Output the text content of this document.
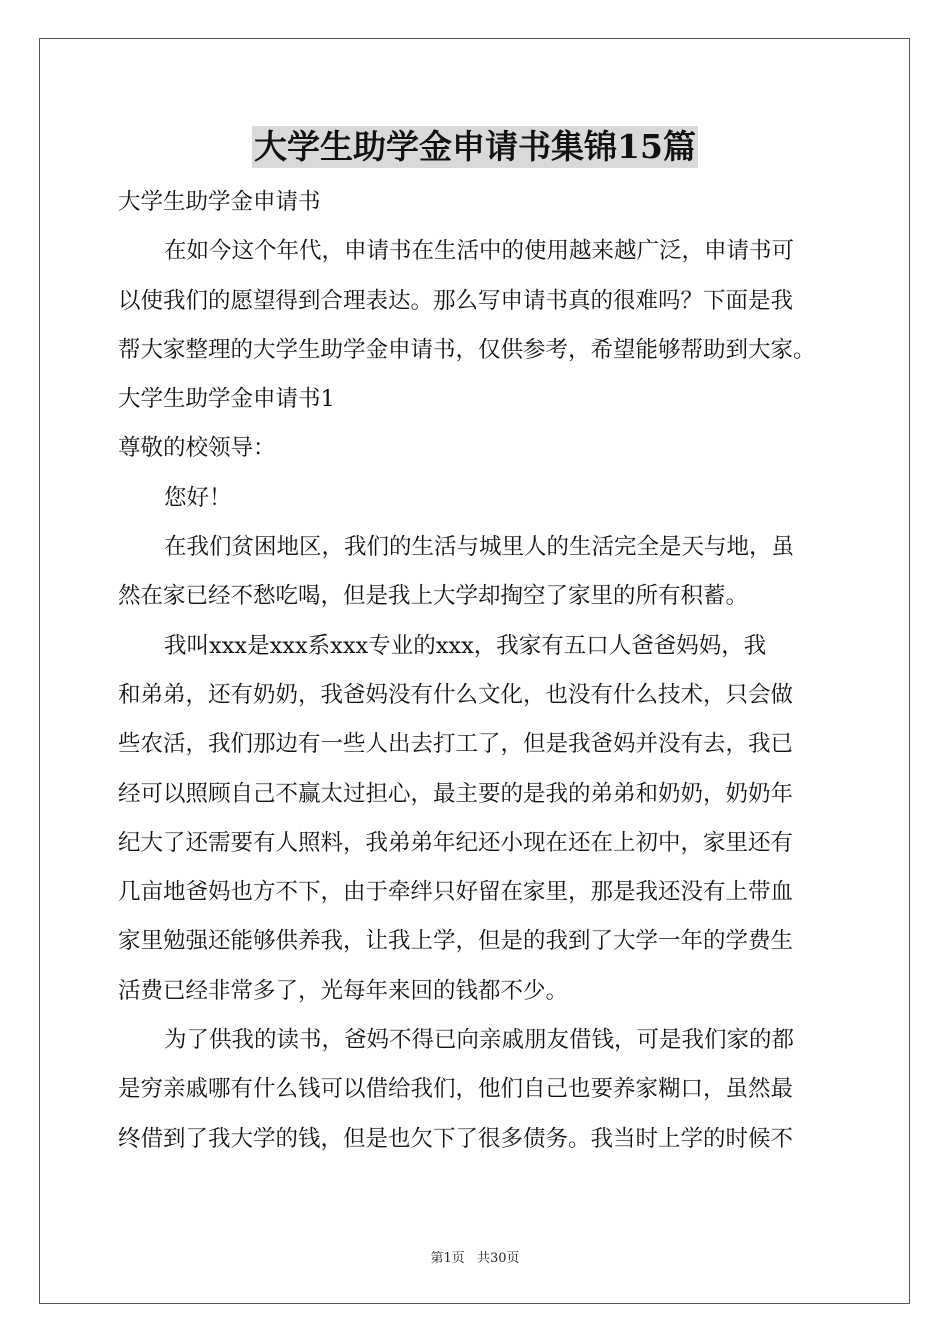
大学生助学金申请书集锦15篇
大学生助学金申请书
在如今这个年代，申请书在生活中的使用越来越广泛，申请书可
以使我们的愿望得到合理表达。那么写申请书真的很难吗？下面是我
帮大家整理的大学生助学金申请书，仅供参考，希望能够帮助到大家。
大学生助学金申请书1
尊敬的校领导：
您好！
在我们贫困地区，我们的生活与城里人的生活完全是天与地，虽
然在家已经不愁吃喝，但是我上大学却掏空了家里的所有积蓄。
我叫xxx是xxx系xxx专业的xxx，我家有五口人爸爸妈妈，我
和弟弟，还有奶奶，我爸妈没有什么文化，也没有什么技术，只会做
些农活，我们那边有一些人出去打工了，但是我爸妈并没有去，我已
经可以照顾自己不赢太过担心，最主要的是我的弟弟和奶奶，奶奶年
纪大了还需要有人照料，我弟弟年纪还小现在还在上初中，家里还有
几亩地爸妈也方不下，由于牵绊只好留在家里，那是我还没有上带血
家里勉强还能够供养我，让我上学，但是的我到了大学一年的学费生
活费已经非常多了，光每年来回的钱都不少。
为了供我的读书，爸妈不得已向亲戚朋友借钱，可是我们家的都
是穷亲戚哪有什么钱可以借给我们，他们自己也要养家糊口，虽然最
终借到了我大学的钱，但是也欠下了很多债务。我当时上学的时候不
第1页 共30页
